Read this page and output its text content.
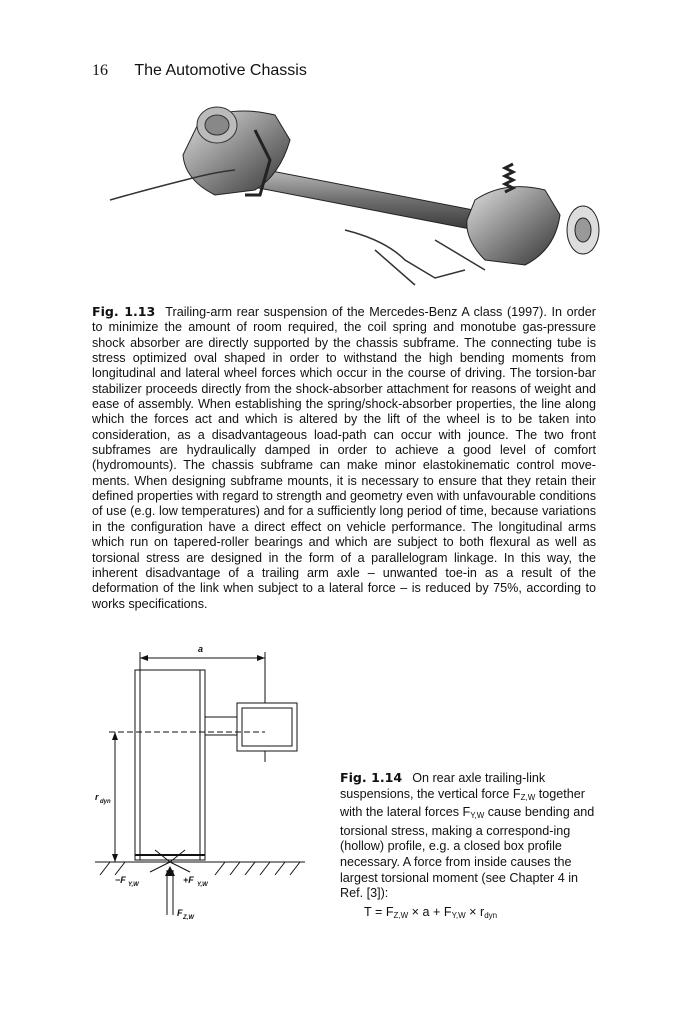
16 The Automotive Chassis
Fig. 1.13 Trailing-arm rear suspension of the Mercedes-Benz A class (1997). In order to minimize the amount of room required, the coil spring and monotube gas-pressure shock absorber are directly supported by the chassis subframe. The connecting tube is stress optimized oval shaped in order to withstand the high bending moments from longitudinal and lateral wheel forces which occur in the course of driving. The torsion-bar stabilizer proceeds directly from the shock-absorber attachment for reasons of weight and ease of assembly. When establishing the spring/shock-absorber properties, the line along which the forces act and which is altered by the lift of the wheel is to be taken into consideration, as a disadvantageous load-path can occur with jounce. The two front subframes are hydraulically damped in order to achieve a good level of comfort (hydromounts). The chassis subframe can make minor elastokinematic control move-ments. When designing subframe mounts, it is necessary to ensure that they retain their defined properties with regard to strength and geometry even with unfavourable conditions of use (e.g. low temperatures) and for a sufficiently long period of time, because variations in the configuration have a direct effect on vehicle performance. The longitudinal arms which run on tapered-roller bearings and which are subject to both flexural as well as torsional stress are designed in the form of a parallelogram linkage. In this way, the inherent disadvantage of a trailing arm axle – unwanted toe-in as a result of the deformation of the link when subject to a lateral force – is reduced by 75%, according to works specifications.
a
r dyn
−F Y,W	+F Y,W
F Z,W
Fig. 1.14 On rear axle trailing-link suspensions, the vertical force $F_{Z,W}$ together with the lateral forces $F_{Y,W}$ cause bending and torsional stress, making a correspond-ing (hollow) profile, e.g. a closed box profile necessary. A force from inside causes the largest torsional moment (see Chapter 4 in Ref. [3]):
$T = F_{Z,W} \times a + F_{Y,W} \times r_{dyn}$
